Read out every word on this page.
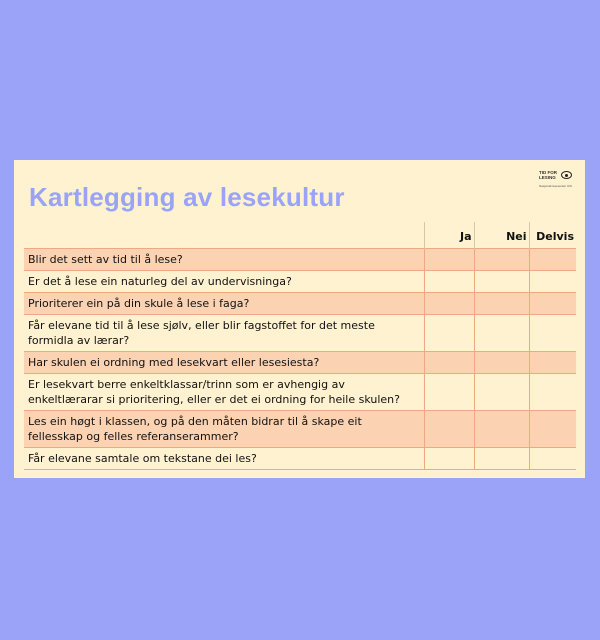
Kartlegging av lesekultur
TID FOR
LESING
Nasjonalt lesesenter UiS
	Ja	Nei	Delvis
Blir det sett av tid til å lese?			
Er det å lese ein naturleg del av undervisninga?			
Prioriterer ein på din skule å lese i faga?			
Får elevane tid til å lese sjølv, eller blir fagstoffet for det meste formidla av lærar?			
Har skulen ei ordning med lesekvart eller lesesiesta?			
Er lesekvart berre enkeltklassar/trinn som er avhengig av enkeltlærarar si prioritering, eller er det ei ordning for heile skulen?			
Les ein høgt i klassen, og på den måten bidrar til å skape eit fellesskap og felles referanserammer?			
Får elevane samtale om tekstane dei les?			
